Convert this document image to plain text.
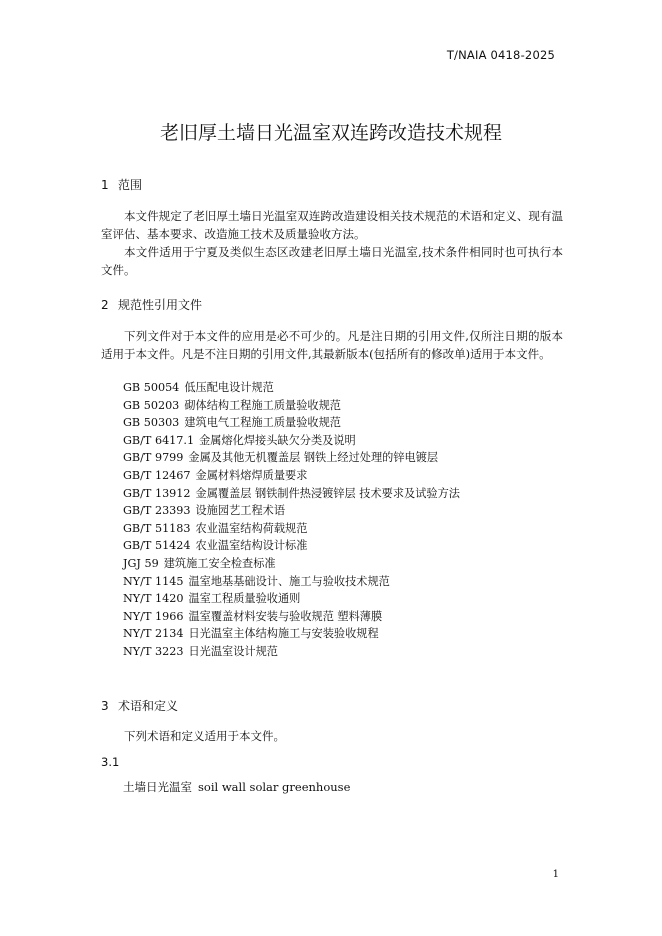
T/NAIA 0418-2025
老旧厚土墙日光温室双连跨改造技术规程
1 范围
本文件规定了老旧厚土墙日光温室双连跨改造建设相关技术规范的术语和定义、现有温室评估、基本要求、改造施工技术及质量验收方法。
本文件适用于宁夏及类似生态区改建老旧厚土墙日光温室,技术条件相同时也可执行本文件。
2 规范性引用文件
下列文件对于本文件的应用是必不可少的。凡是注日期的引用文件,仅所注日期的版本适用于本文件。凡是不注日期的引用文件,其最新版本(包括所有的修改单)适用于本文件。
GB 50054 低压配电设计规范
GB 50203 砌体结构工程施工质量验收规范
GB 50303 建筑电气工程施工质量验收规范
GB/T 6417.1 金属熔化焊接头缺欠分类及说明
GB/T 9799 金属及其他无机覆盖层 钢铁上经过处理的锌电镀层
GB/T 12467 金属材料熔焊质量要求
GB/T 13912 金属覆盖层 钢铁制件热浸镀锌层 技术要求及试验方法
GB/T 23393 设施园艺工程术语
GB/T 51183 农业温室结构荷载规范
GB/T 51424 农业温室结构设计标准
JGJ 59 建筑施工安全检查标准
NY/T 1145 温室地基基础设计、施工与验收技术规范
NY/T 1420 温室工程质量验收通则
NY/T 1966 温室覆盖材料安装与验收规范 塑料薄膜
NY/T 2134 日光温室主体结构施工与安装验收规程
NY/T 3223 日光温室设计规范
3 术语和定义
下列术语和定义适用于本文件。
3.1
土墙日光温室 soil wall solar greenhouse
1
